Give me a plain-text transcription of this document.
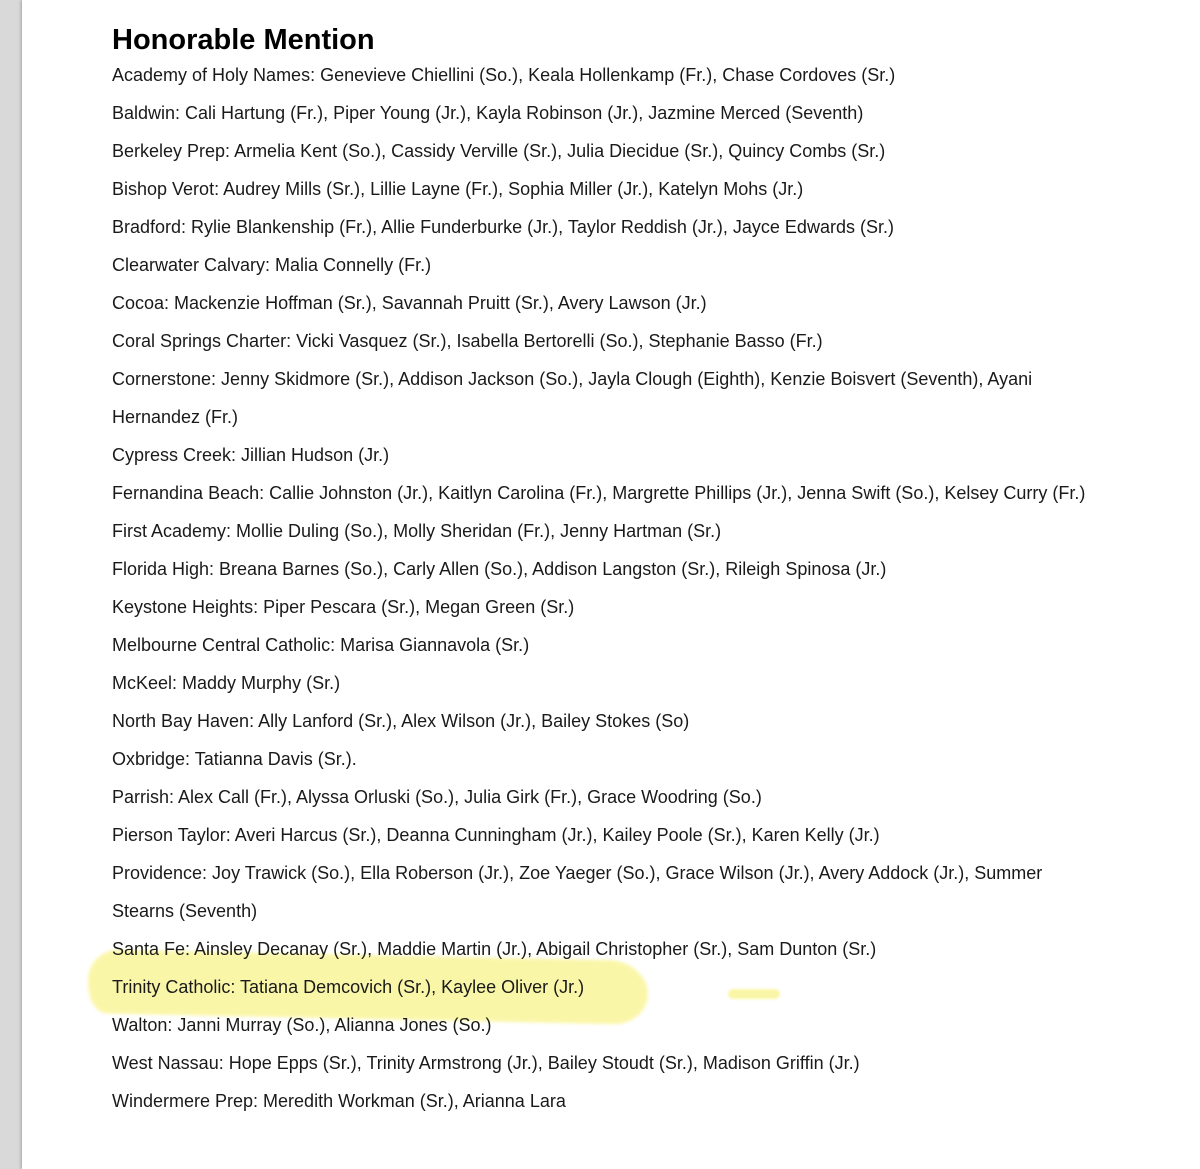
Honorable Mention
Academy of Holy Names: Genevieve Chiellini (So.), Keala Hollenkamp (Fr.), Chase Cordoves (Sr.)
Baldwin: Cali Hartung (Fr.), Piper Young (Jr.), Kayla Robinson (Jr.), Jazmine Merced (Seventh)
Berkeley Prep: Armelia Kent (So.), Cassidy Verville (Sr.), Julia Diecidue (Sr.), Quincy Combs (Sr.)
Bishop Verot: Audrey Mills (Sr.), Lillie Layne (Fr.), Sophia Miller (Jr.), Katelyn Mohs (Jr.)
Bradford: Rylie Blankenship (Fr.), Allie Funderburke (Jr.), Taylor Reddish (Jr.), Jayce Edwards (Sr.)
Clearwater Calvary: Malia Connelly (Fr.)
Cocoa: Mackenzie Hoffman (Sr.), Savannah Pruitt (Sr.), Avery Lawson (Jr.)
Coral Springs Charter: Vicki Vasquez (Sr.), Isabella Bertorelli (So.), Stephanie Basso (Fr.)
Cornerstone: Jenny Skidmore (Sr.), Addison Jackson (So.), Jayla Clough (Eighth), Kenzie Boisvert (Seventh), Ayani
Hernandez (Fr.)
Cypress Creek: Jillian Hudson (Jr.)
Fernandina Beach: Callie Johnston (Jr.), Kaitlyn Carolina (Fr.), Margrette Phillips (Jr.), Jenna Swift (So.), Kelsey Curry (Fr.)
First Academy: Mollie Duling (So.), Molly Sheridan (Fr.), Jenny Hartman (Sr.)
Florida High: Breana Barnes (So.), Carly Allen (So.), Addison Langston (Sr.), Rileigh Spinosa (Jr.)
Keystone Heights: Piper Pescara (Sr.), Megan Green (Sr.)
Melbourne Central Catholic: Marisa Giannavola (Sr.)
McKeel: Maddy Murphy (Sr.)
North Bay Haven: Ally Lanford (Sr.), Alex Wilson (Jr.), Bailey Stokes (So)
Oxbridge: Tatianna Davis (Sr.).
Parrish: Alex Call (Fr.), Alyssa Orluski (So.), Julia Girk (Fr.), Grace Woodring (So.)
Pierson Taylor: Averi Harcus (Sr.), Deanna Cunningham (Jr.), Kailey Poole (Sr.), Karen Kelly (Jr.)
Providence: Joy Trawick (So.), Ella Roberson (Jr.), Zoe Yaeger (So.), Grace Wilson (Jr.), Avery Addock (Jr.), Summer
Stearns (Seventh)
Santa Fe: Ainsley Decanay (Sr.), Maddie Martin (Jr.), Abigail Christopher (Sr.), Sam Dunton (Sr.)
Trinity Catholic: Tatiana Demcovich (Sr.), Kaylee Oliver (Jr.)
Walton: Janni Murray (So.), Alianna Jones (So.)
West Nassau: Hope Epps (Sr.), Trinity Armstrong (Jr.), Bailey Stoudt (Sr.), Madison Griffin (Jr.)
Windermere Prep: Meredith Workman (Sr.), Arianna Lara
